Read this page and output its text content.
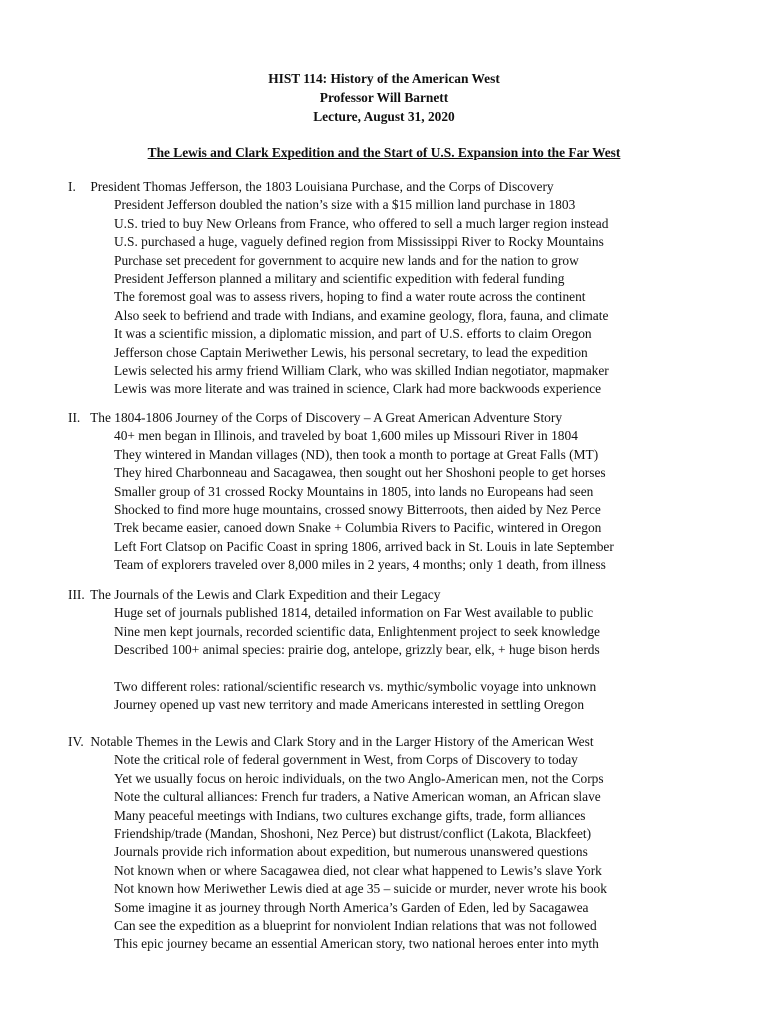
HIST 114: History of the American West
Professor Will Barnett
Lecture, August 31, 2020
The Lewis and Clark Expedition and the Start of U.S. Expansion into the Far West
I. President Thomas Jefferson, the 1803 Louisiana Purchase, and the Corps of Discovery
President Jefferson doubled the nation’s size with a $15 million land purchase in 1803
U.S. tried to buy New Orleans from France, who offered to sell a much larger region instead
U.S. purchased a huge, vaguely defined region from Mississippi River to Rocky Mountains
Purchase set precedent for government to acquire new lands and for the nation to grow
President Jefferson planned a military and scientific expedition with federal funding
The foremost goal was to assess rivers, hoping to find a water route across the continent
Also seek to befriend and trade with Indians, and examine geology, flora, fauna, and climate
It was a scientific mission, a diplomatic mission, and part of U.S. efforts to claim Oregon
Jefferson chose Captain Meriwether Lewis, his personal secretary, to lead the expedition
Lewis selected his army friend William Clark, who was skilled Indian negotiator, mapmaker
Lewis was more literate and was trained in science, Clark had more backwoods experience
II. The 1804-1806 Journey of the Corps of Discovery – A Great American Adventure Story
40+ men began in Illinois, and traveled by boat 1,600 miles up Missouri River in 1804
They wintered in Mandan villages (ND), then took a month to portage at Great Falls (MT)
They hired Charbonneau and Sacagawea, then sought out her Shoshoni people to get horses
Smaller group of 31 crossed Rocky Mountains in 1805, into lands no Europeans had seen
Shocked to find more huge mountains, crossed snowy Bitterroots, then aided by Nez Perce
Trek became easier, canoed down Snake + Columbia Rivers to Pacific, wintered in Oregon
Left Fort Clatsop on Pacific Coast in spring 1806, arrived back in St. Louis in late September
Team of explorers traveled over 8,000 miles in 2 years, 4 months; only 1 death, from illness
III. The Journals of the Lewis and Clark Expedition and their Legacy
Huge set of journals published 1814, detailed information on Far West available to public
Nine men kept journals, recorded scientific data, Enlightenment project to seek knowledge
Described 100+ animal species: prairie dog, antelope, grizzly bear, elk, + huge bison herds
Two different roles: rational/scientific research vs. mythic/symbolic voyage into unknown
Journey opened up vast new territory and made Americans interested in settling Oregon
IV. Notable Themes in the Lewis and Clark Story and in the Larger History of the American West
Note the critical role of federal government in West, from Corps of Discovery to today
Yet we usually focus on heroic individuals, on the two Anglo-American men, not the Corps
Note the cultural alliances: French fur traders, a Native American woman, an African slave
Many peaceful meetings with Indians, two cultures exchange gifts, trade, form alliances
Friendship/trade (Mandan, Shoshoni, Nez Perce) but distrust/conflict (Lakota, Blackfeet)
Journals provide rich information about expedition, but numerous unanswered questions
Not known when or where Sacagawea died, not clear what happened to Lewis’s slave York
Not known how Meriwether Lewis died at age 35 – suicide or murder, never wrote his book
Some imagine it as journey through North America’s Garden of Eden, led by Sacagawea
Can see the expedition as a blueprint for nonviolent Indian relations that was not followed
This epic journey became an essential American story, two national heroes enter into myth
